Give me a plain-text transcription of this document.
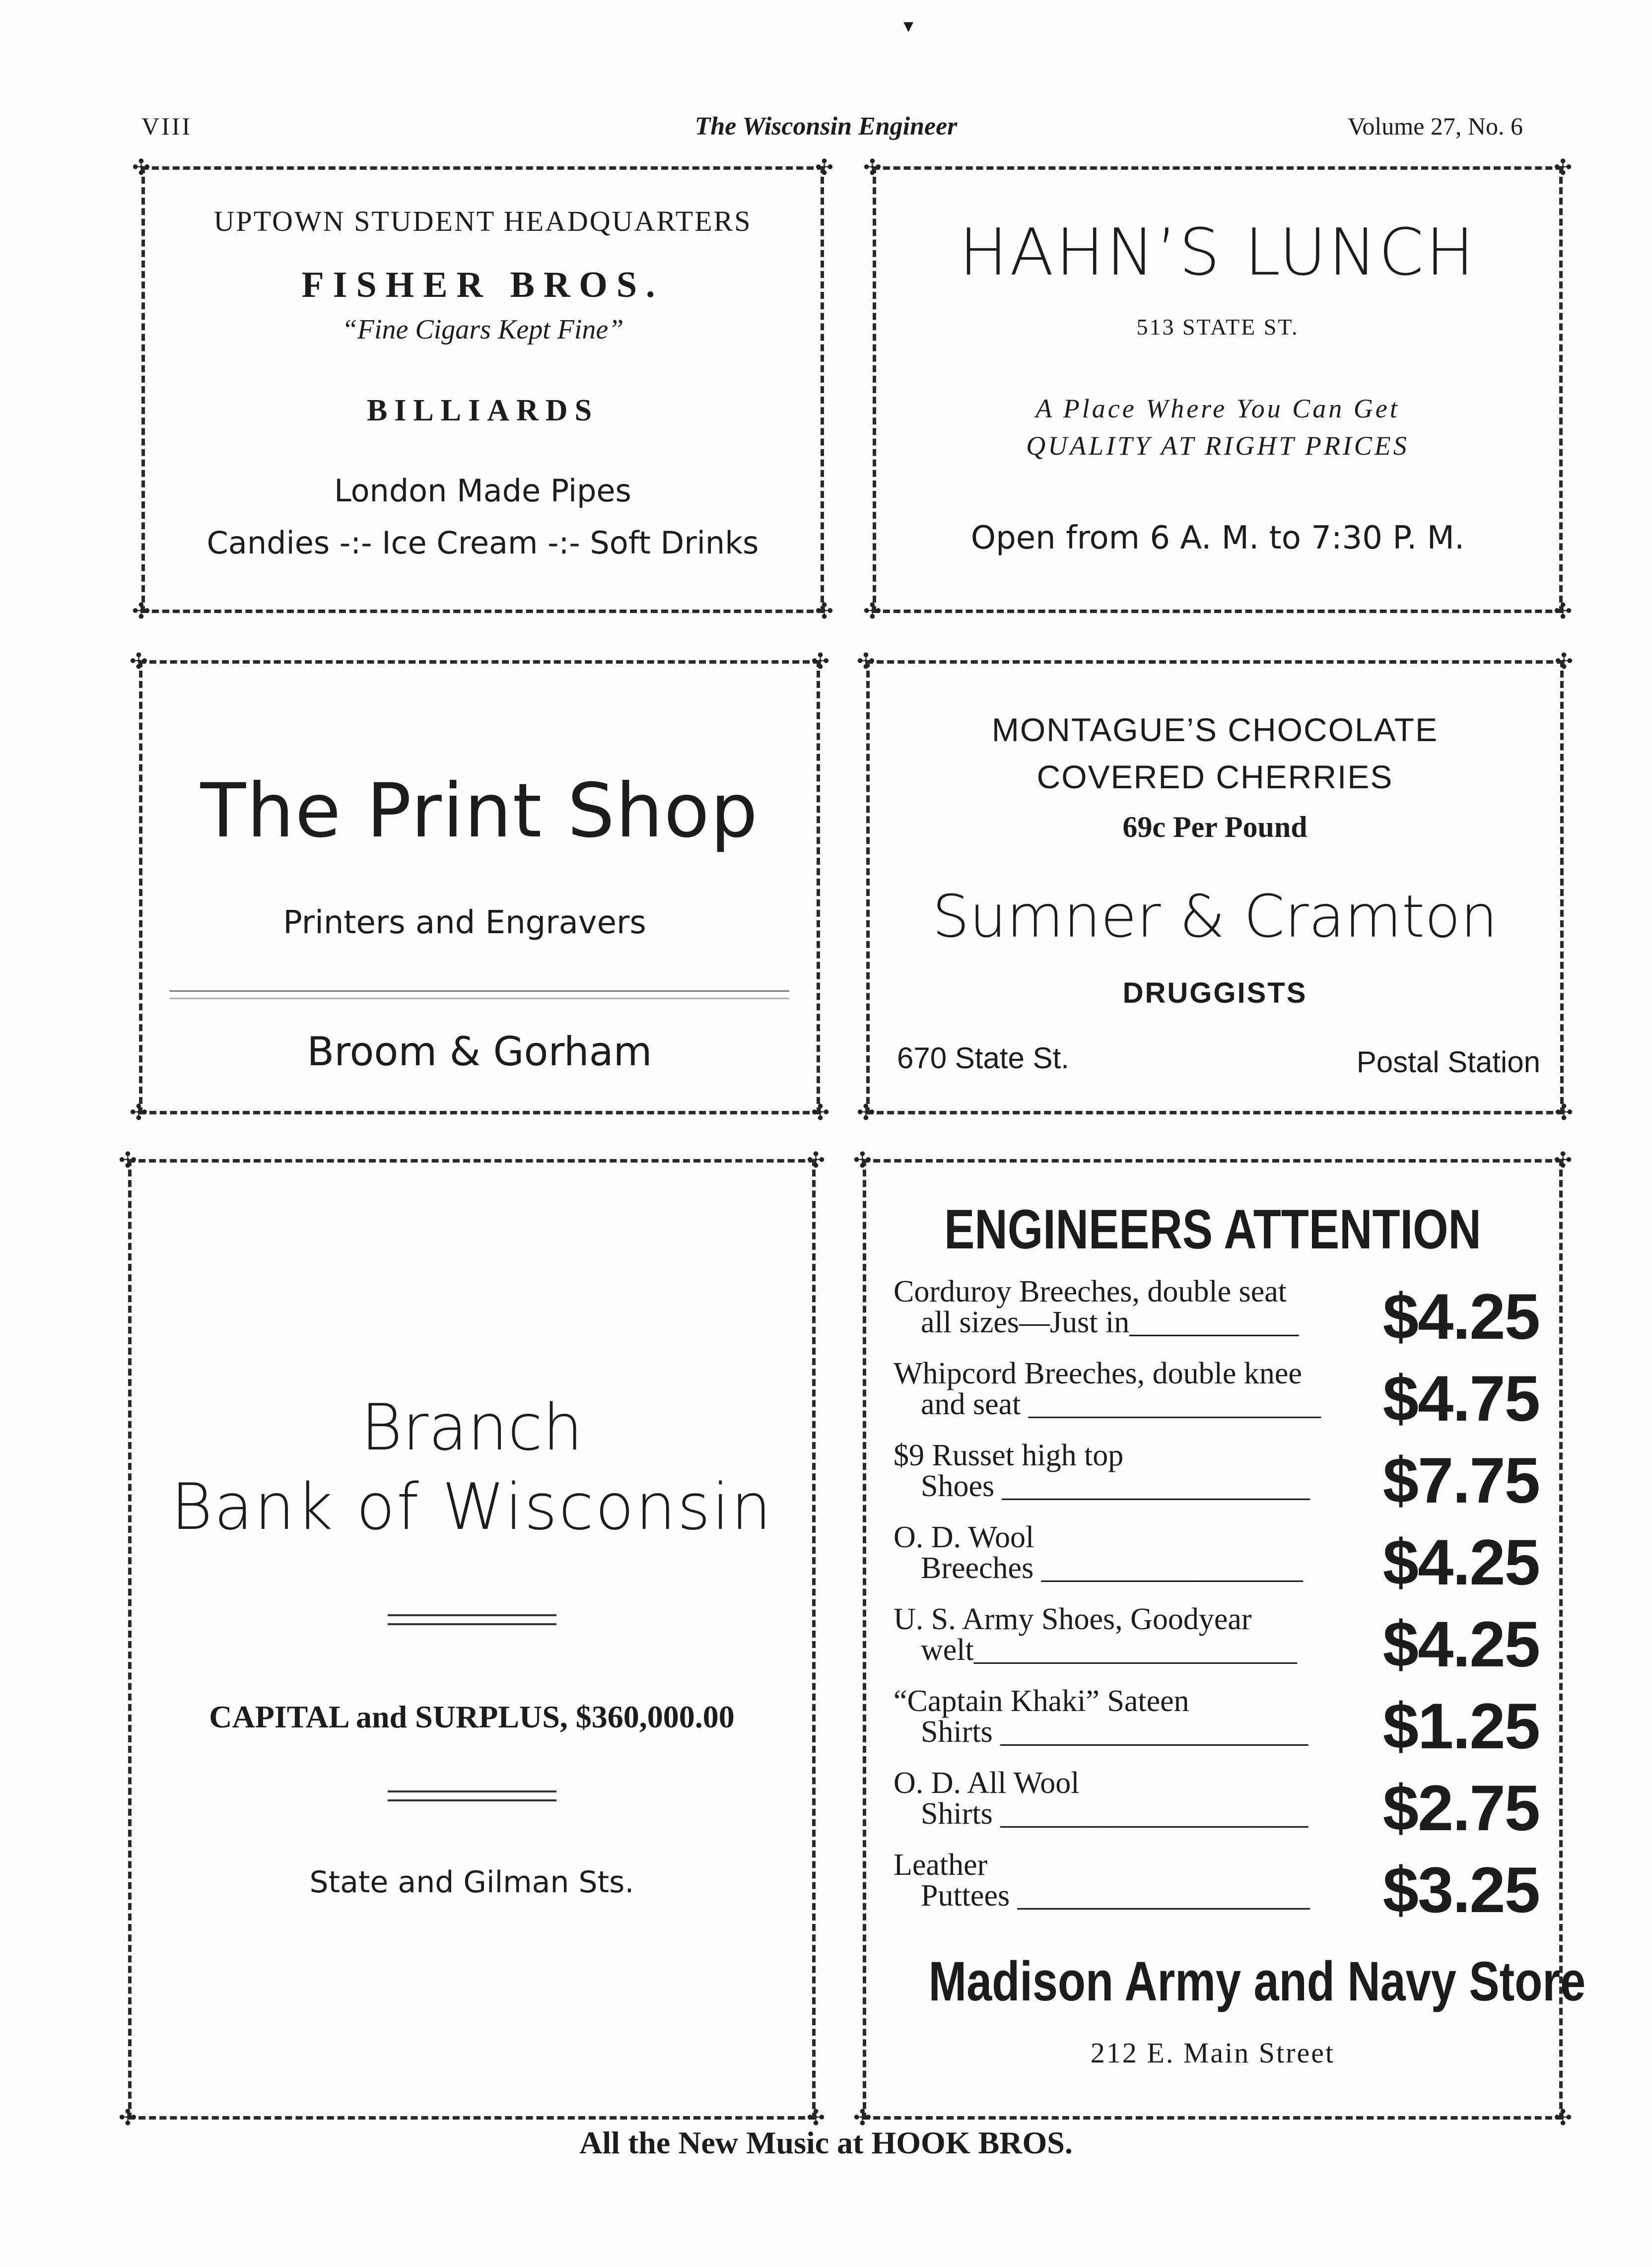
▾
VIII	The Wisconsin Engineer	Volume 27, No. 6
✣	✣
✣	✣
UPTOWN STUDENT HEADQUARTERS
FISHER BROS.
“Fine Cigars Kept Fine”
BILLIARDS
London Made Pipes
Candies -:- Ice Cream -:- Soft Drinks
✣	✣
✣	✣
HAHN’S LUNCH
513 STATE ST.
A Place Where You Can Get
QUALITY AT RIGHT PRICES
Open from 6 A. M. to 7:30 P. M.
✣	✣
✣	✣
The Print Shop
Printers and Engravers
Broom & Gorham
✣	✣
✣	✣
MONTAGUE’S CHOCOLATE
COVERED CHERRIES
69c Per Pound
Sumner & Cramton
DRUGGISTS
670 State St.	Postal Station
✣	✣
✣	✣
Branch
Bank of Wisconsin
CAPITAL and SURPLUS, $360,000.00
State and Gilman Sts.
✣	✣
✣	✣
ENGINEERS ATTENTION
Corduroy Breeches, double seat
all sizes—Just in___________ $4.25
Whipcord Breeches, double knee
and seat ___________________ $4.75
$9 Russet high top
Shoes ____________________ $7.75
O. D. Wool
Breeches _________________ $4.25
U. S. Army Shoes, Goodyear
welt_____________________ $4.25
“Captain Khaki” Sateen
Shirts ____________________ $1.25
O. D. All Wool
Shirts ____________________ $2.75
Leather
Puttees ___________________ $3.25
Madison Army and Navy Store
212 E. Main Street
All the New Music at HOOK BROS.
